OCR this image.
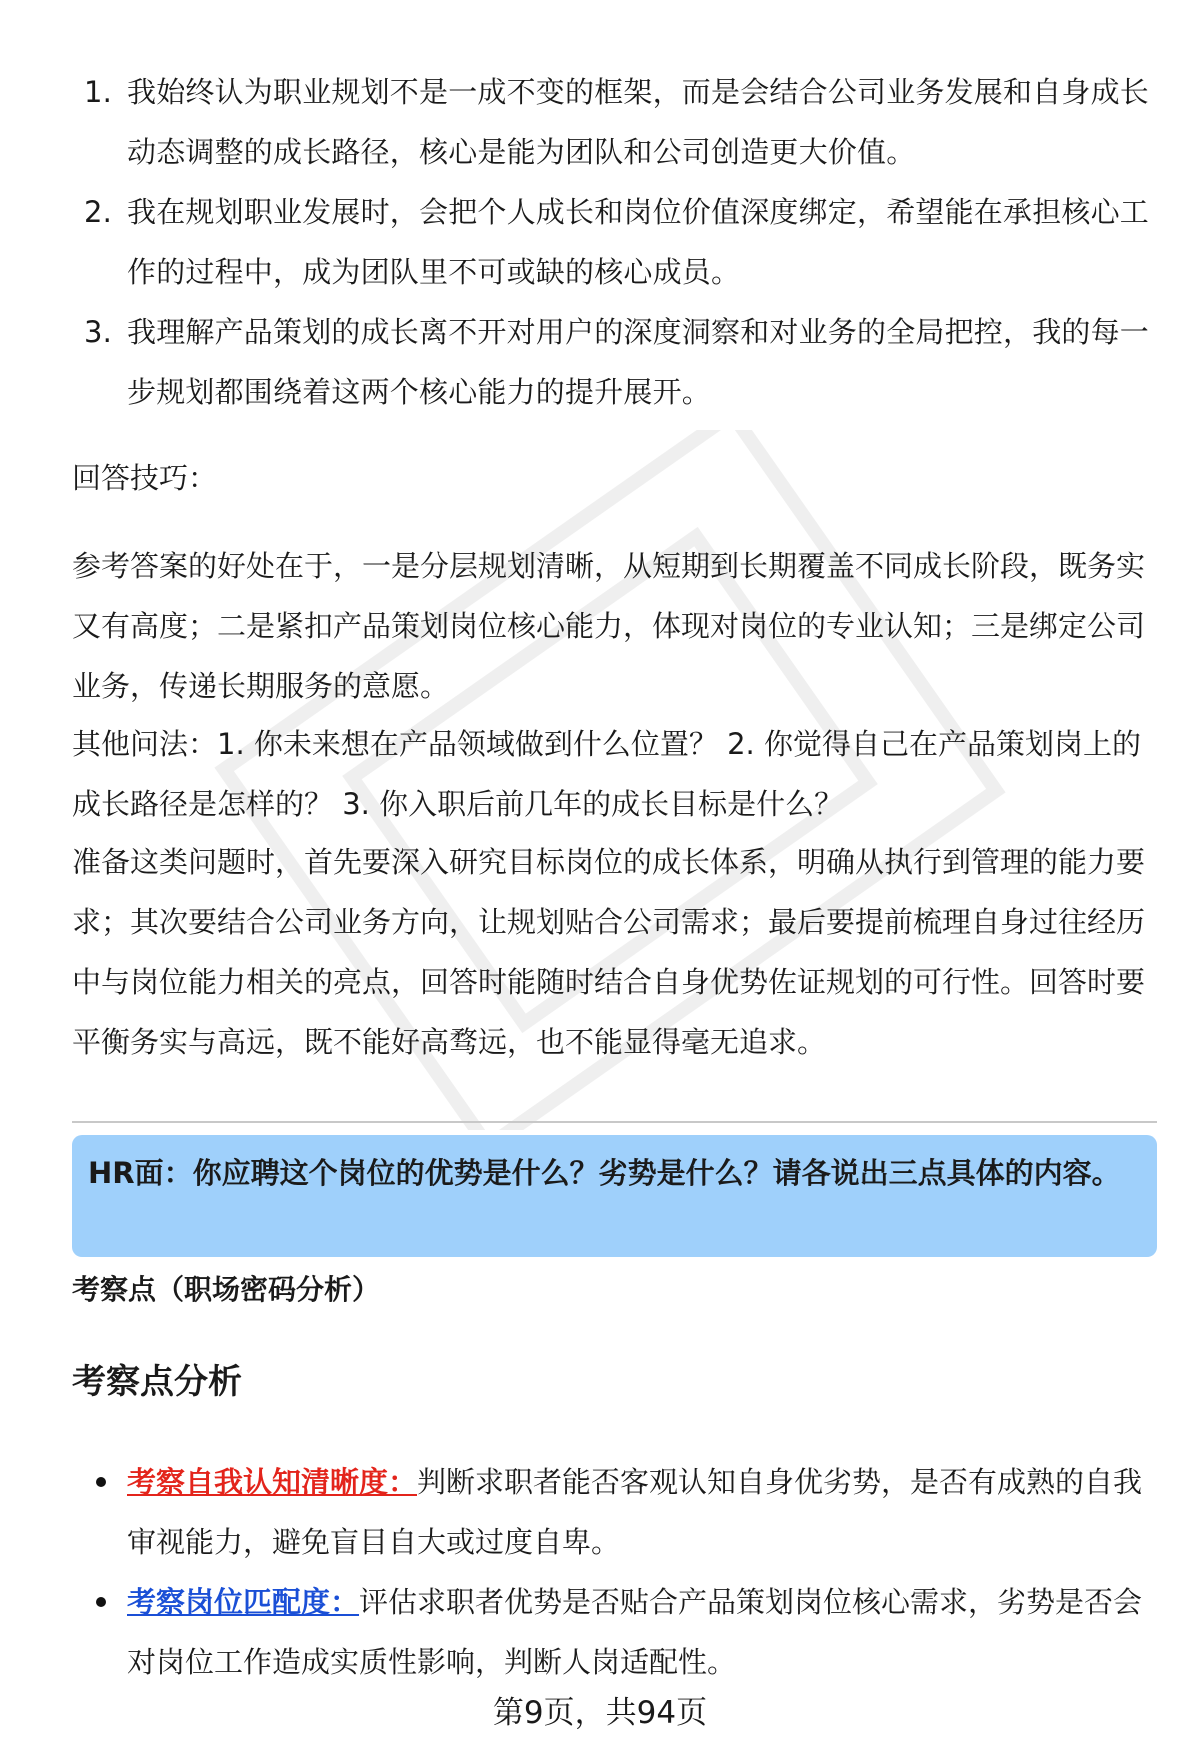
1. 我始终认为职业规划不是一成不变的框架，而是会结合公司业务发展和自身成长动态调整的成长路径，核心是能为团队和公司创造更大价值。
2. 我在规划职业发展时，会把个人成长和岗位价值深度绑定，希望能在承担核心工作的过程中，成为团队里不可或缺的核心成员。
3. 我理解产品策划的成长离不开对用户的深度洞察和对业务的全局把控，我的每一步规划都围绕着这两个核心能力的提升展开。

回答技巧：

参考答案的好处在于，一是分层规划清晰，从短期到长期覆盖不同成长阶段，既务实又有高度；二是紧扣产品策划岗位核心能力，体现对岗位的专业认知；三是绑定公司业务，传递长期服务的意愿。

其他问法：1. 你未来想在产品领域做到什么位置？ 2. 你觉得自己在产品策划岗上的成长路径是怎样的？ 3. 你入职后前几年的成长目标是什么？

准备这类问题时，首先要深入研究目标岗位的成长体系，明确从执行到管理的能力要求；其次要结合公司业务方向，让规划贴合公司需求；最后要提前梳理自身过往经历中与岗位能力相关的亮点，回答时能随时结合自身优势佐证规划的可行性。回答时要平衡务实与高远，既不能好高骛远，也不能显得毫无追求。

HR面：你应聘这个岗位的优势是什么？劣势是什么？请各说出三点具体的内容。
考察点（职场密码分析）
考察点分析
考察自我认知清晰度：判断求职者能否客观认知自身优劣势，是否有成熟的自我审视能力，避免盲目自大或过度自卑。
考察岗位匹配度：评估求职者优势是否贴合产品策划岗位核心需求，劣势是否会对岗位工作造成实质性影响，判断人岗适配性。
第9页，共94页
